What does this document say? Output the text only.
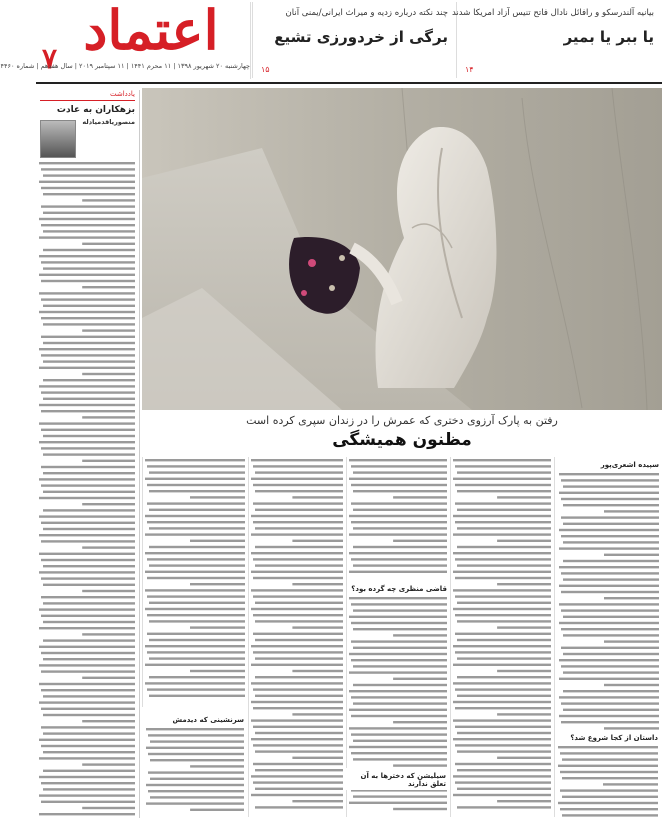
اعتماد
۷
چهارشنبه ۲۰ شهریور ۱۳۹۸ | ۱۱ محرم ۱۴۴۱ | ۱۱ سپتامبر ۲۰۱۹ | سال هفدهم | شماره ۴۴۶۰
چند نکته درباره زدیه و میراث ایرانی/یمنی آنان
برگی از خردورزی تشیع
۱۵
بیانیه آلندرسکو و رافائل نادال فاتح تنیس آزاد امریکا شدند
یا ببر یا بمیر
۱۴
یادداشت
بزهکاران به عادت
منصوریاقدمیادله
رفتن به پارک آرزوی دختری که عمرش را در زندان سپری کرده است
مظنون همیشگی
سپیده اشعری‌پور
قاضی منظری چه گرده بود؟
سرنشینی که دیدمش
داستان از کجا شروع شد؟
سیلیشن که دخترها به آن تعلق ندارند
